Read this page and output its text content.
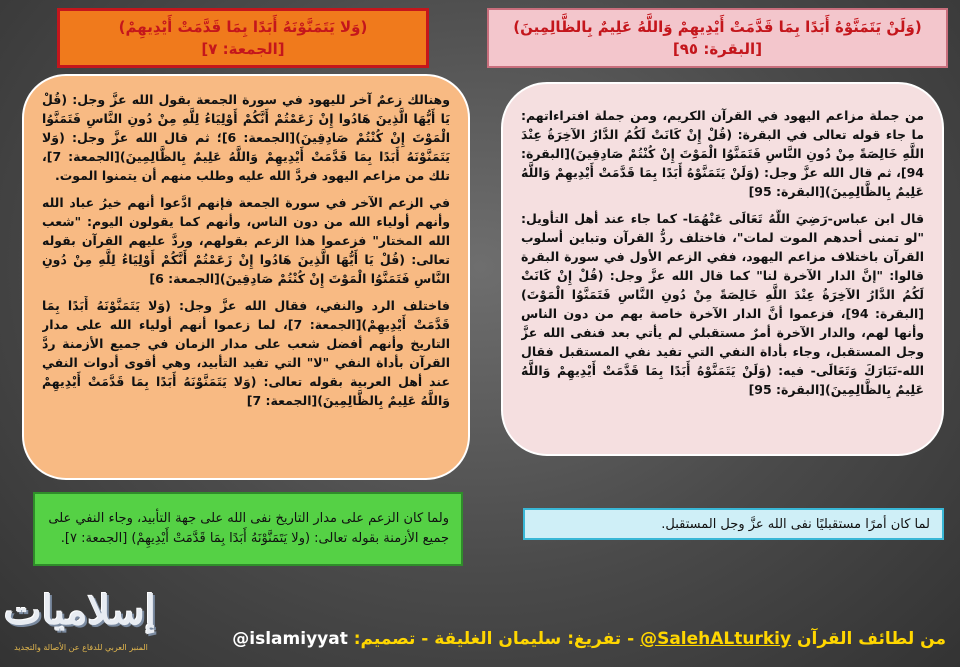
(وَلا يَتَمَنَّوْنَهُ أَبَدًا بِمَا قَدَّمَتْ أَيْدِيهِمْ)
[الجمعة: ٧]
(وَلَنْ يَتَمَنَّوْهُ أَبَدًا بِمَا قَدَّمَتْ أَيْدِيهِمْ وَاللَّهُ عَلِيمٌ بِالظَّالِمِينَ) [البقرة: ٩٥]

وهنالك زعمٌ آخر لليهود في سورة الجمعة بقول الله عزَّ وجل: (قُلْ يَا أَيُّهَا الَّذِينَ هَادُوا إِنْ زَعَمْتُمْ أَنَّكُمْ أَوْلِيَاءُ لِلَّهِ مِنْ دُونِ النَّاسِ فَتَمَنَّوُا الْمَوْتَ إِنْ كُنْتُمْ صَادِقِينَ)[الجمعة: 6]؛ ثم قال الله عزَّ وجل: (وَلا يَتَمَنَّوْنَهُ أَبَدًا بِمَا قَدَّمَتْ أَيْدِيهِمْ وَاللَّهُ عَلِيمٌ بِالظَّالِمِينَ)[الجمعة: 7]، تلك من مزاعم اليهود فردَّ الله عليه وطلب منهم أن يتمنوا الموت.

في الزعم الآخر في سورة الجمعة فإنهم ادَّعوا أنهم خيرُ عباد الله وأنهم أولياء الله من دون الناس، وأنهم كما يقولون اليوم: "شعب الله المختار" فزعموا هذا الزعم بقولهم، وردَّ عليهم القرآن بقوله تعالى: (قُلْ يَا أَيُّهَا الَّذِينَ هَادُوا إِنْ زَعَمْتُمْ أَنَّكُمْ أَوْلِيَاءُ لِلَّهِ مِنْ دُونِ النَّاسِ فَتَمَنَّوُا الْمَوْتَ إِنْ كُنْتُمْ صَادِقِينَ)[الجمعة: 6]

فاختلف الرد والنفي، فقال الله عزَّ وجل: (وَلا يَتَمَنَّوْنَهُ أَبَدًا بِمَا قَدَّمَتْ أَيْدِيهِمْ)[الجمعة: 7]، لما زعموا أنهم أولياء الله على مدار التاريخ وأنهم أفضل شعب على مدار الزمان في جميع الأزمنة ردَّ القرآن بأداة النفي "لا" التي تفيد التأبيد، وهي أقوى أدوات النفي عند أهل العربية بقوله تعالى: (وَلا يَتَمَنَّوْنَهُ أَبَدًا بِمَا قَدَّمَتْ أَيْدِيهِمْ وَاللَّهُ عَلِيمٌ بِالظَّالِمِينَ)[الجمعة: 7]

من جملة مزاعم اليهود في القرآن الكريم، ومن جملة افتراءاتهم: ما جاء قوله تعالى في البقرة: (قُلْ إِنْ كَانَتْ لَكُمُ الدَّارُ الآخِرَةُ عِنْدَ اللَّهِ خَالِصَةً مِنْ دُونِ النَّاسِ فَتَمَنَّوُا الْمَوْتَ إِنْ كُنْتُمْ صَادِقِينَ)[البقرة: 94]، ثم قال الله عزَّ وجل: (وَلَنْ يَتَمَنَّوْهُ أَبَدًا بِمَا قَدَّمَتْ أَيْدِيهِمْ وَاللَّهُ عَلِيمٌ بِالظَّالِمِينَ)[البقرة: 95]

قال ابن عباس-رَضِيَ اللَّهُ تَعَالَى عَنْهُمَا- كما جاء عند أهل التأويل: "لو تمنى أحدهم الموت لمات"، فاختلف ردُّ القرآن وتباين أسلوب القرآن باختلاف مزاعم اليهود، ففي الزعم الأول في سورة البقرة قالوا: "إنَّ الدار الآخرة لنا" كما قال الله عزَّ وجل: (قُلْ إِنْ كَانَتْ لَكُمُ الدَّارُ الآخِرَةُ عِنْدَ اللَّهِ خَالِصَةً مِنْ دُونِ النَّاسِ فَتَمَنَّوُا الْمَوْتَ)[البقرة: 94]، فزعموا أنَّ الدار الآخرة خاصة بهم من دون الناس وأنها لهم، والدار الآخرة أمرٌ مستقبلي لم يأتي بعد فنفى الله عزَّ وجل المستقبل، وجاء بأداة النفي التي تفيد نفي المستقبل فقال الله-تَبَارَكَ وَتَعَالَى- فيه: (وَلَنْ يَتَمَنَّوْهُ أَبَدًا بِمَا قَدَّمَتْ أَيْدِيهِمْ وَاللَّهُ عَلِيمٌ بِالظَّالِمِينَ)[البقرة: 95]

ولما كان الزعم على مدار التاريخ نفى الله على جهة التأبيد، وجاء النفي على جميع الأزمنة بقوله تعالى: (ولا يَتَمَنَّوْنَهُ أَبَدًا بِمَا قَدَّمَتْ أَيْدِيهِمْ) [الجمعة: ٧].
لما كان أمرًا مستقبليًا نفى الله عزَّ وجل المستقبل.
إسلاميات
المنبر العربي للدفاع عن الأصالة والتجديد	من لطائف القرآن @SalehALturkiy - تفريغ: سليمان الغليقة - تصميم: @islamiyyat
